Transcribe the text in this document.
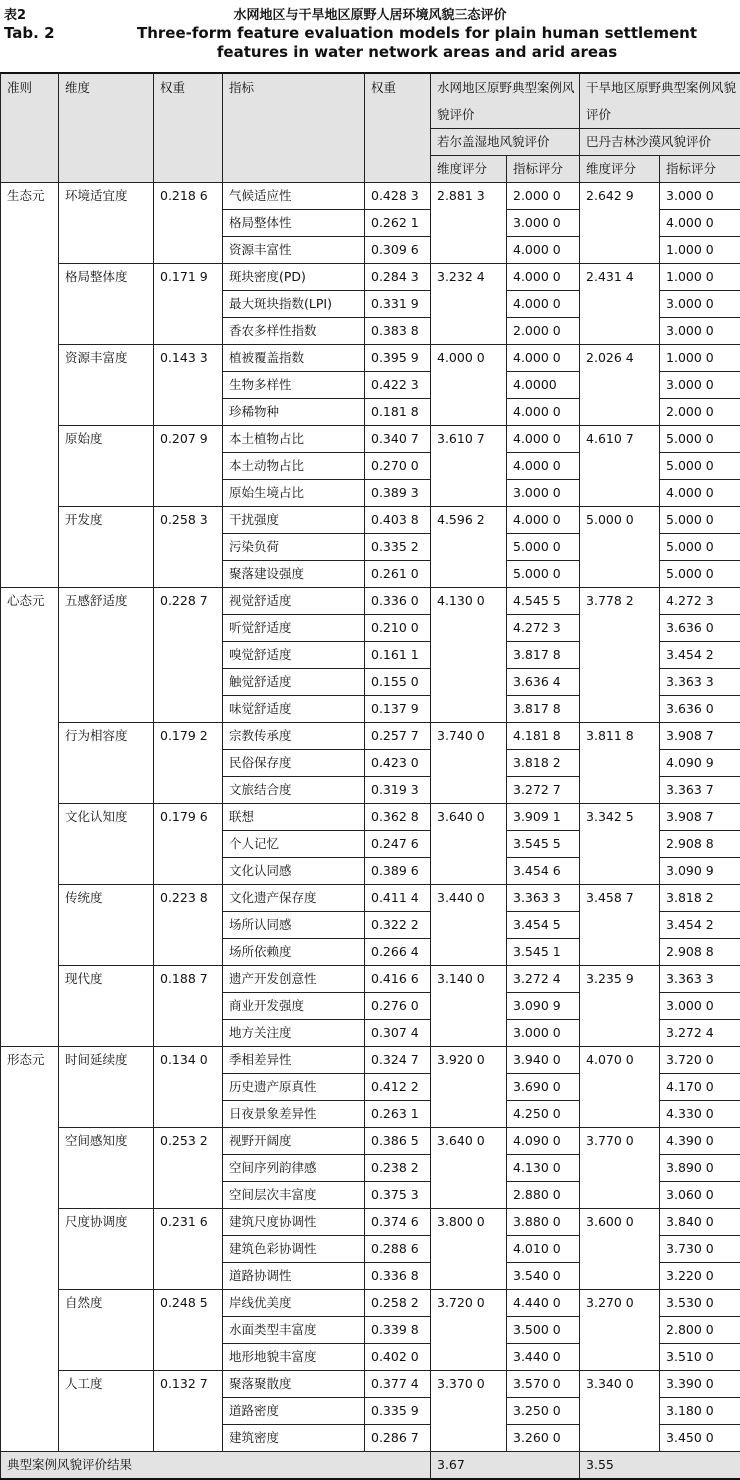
表2	水网地区与干旱地区原野人居环境风貌三态评价
Tab. 2	Three-form feature evaluation models for plain human settlement features in water network areas and arid areas
准则	维度	权重	指标	权重	水网地区原野典型案例风貌评价		干旱地区原野典型案例风貌评价	

					若尔盖湿地风貌评价		巴丹吉林沙漠风貌评价	
					维度评分	指标评分	维度评分	指标评分
生态元	环境适宜度	0.218 6	气候适应性	0.428 3	2.881 3	2.000 0	2.642 9	3.000 0
			格局整体性	0.262 1		3.000 0		4.000 0
			资源丰富性	0.309 6		4.000 0		1.000 0
	格局整体度	0.171 9	斑块密度(PD)	0.284 3	3.232 4	4.000 0	2.431 4	1.000 0
			最大斑块指数(LPI)	0.331 9		4.000 0		3.000 0
			香农多样性指数	0.383 8		2.000 0		3.000 0
	资源丰富度	0.143 3	植被覆盖指数	0.395 9	4.000 0	4.000 0	2.026 4	1.000 0
			生物多样性	0.422 3		4.0000		3.000 0
			珍稀物种	0.181 8		4.000 0		2.000 0
	原始度	0.207 9	本土植物占比	0.340 7	3.610 7	4.000 0	4.610 7	5.000 0
			本土动物占比	0.270 0		4.000 0		5.000 0
			原始生境占比	0.389 3		3.000 0		4.000 0
	开发度	0.258 3	干扰强度	0.403 8	4.596 2	4.000 0	5.000 0	5.000 0
			污染负荷	0.335 2		5.000 0		5.000 0
			聚落建设强度	0.261 0		5.000 0		5.000 0
心态元	五感舒适度	0.228 7	视觉舒适度	0.336 0	4.130 0	4.545 5	3.778 2	4.272 3
			听觉舒适度	0.210 0		4.272 3		3.636 0
			嗅觉舒适度	0.161 1		3.817 8		3.454 2
			触觉舒适度	0.155 0		3.636 4		3.363 3
			味觉舒适度	0.137 9		3.817 8		3.636 0
	行为相容度	0.179 2	宗教传承度	0.257 7	3.740 0	4.181 8	3.811 8	3.908 7
			民俗保存度	0.423 0		3.818 2		4.090 9
			文旅结合度	0.319 3		3.272 7		3.363 7
	文化认知度	0.179 6	联想	0.362 8	3.640 0	3.909 1	3.342 5	3.908 7
			个人记忆	0.247 6		3.545 5		2.908 8
			文化认同感	0.389 6		3.454 6		3.090 9
	传统度	0.223 8	文化遗产保存度	0.411 4	3.440 0	3.363 3	3.458 7	3.818 2
			场所认同感	0.322 2		3.454 5		3.454 2
			场所依赖度	0.266 4		3.545 1		2.908 8
	现代度	0.188 7	遗产开发创意性	0.416 6	3.140 0	3.272 4	3.235 9	3.363 3
			商业开发强度	0.276 0		3.090 9		3.000 0
			地方关注度	0.307 4		3.000 0		3.272 4
形态元	时间延续度	0.134 0	季相差异性	0.324 7	3.920 0	3.940 0	4.070 0	3.720 0
			历史遗产原真性	0.412 2		3.690 0		4.170 0
			日夜景象差异性	0.263 1		4.250 0		4.330 0
	空间感知度	0.253 2	视野开阔度	0.386 5	3.640 0	4.090 0	3.770 0	4.390 0
			空间序列韵律感	0.238 2		4.130 0		3.890 0
			空间层次丰富度	0.375 3		2.880 0		3.060 0
	尺度协调度	0.231 6	建筑尺度协调性	0.374 6	3.800 0	3.880 0	3.600 0	3.840 0
			建筑色彩协调性	0.288 6		4.010 0		3.730 0
			道路协调性	0.336 8		3.540 0		3.220 0
	自然度	0.248 5	岸线优美度	0.258 2	3.720 0	4.440 0	3.270 0	3.530 0
			水面类型丰富度	0.339 8		3.500 0		2.800 0
			地形地貌丰富度	0.402 0		3.440 0		3.510 0
	人工度	0.132 7	聚落聚散度	0.377 4	3.370 0	3.570 0	3.340 0	3.390 0
			道路密度	0.335 9		3.250 0		3.180 0
			建筑密度	0.286 7		3.260 0		3.450 0
典型案例风貌评价结果					3.67		3.55	
